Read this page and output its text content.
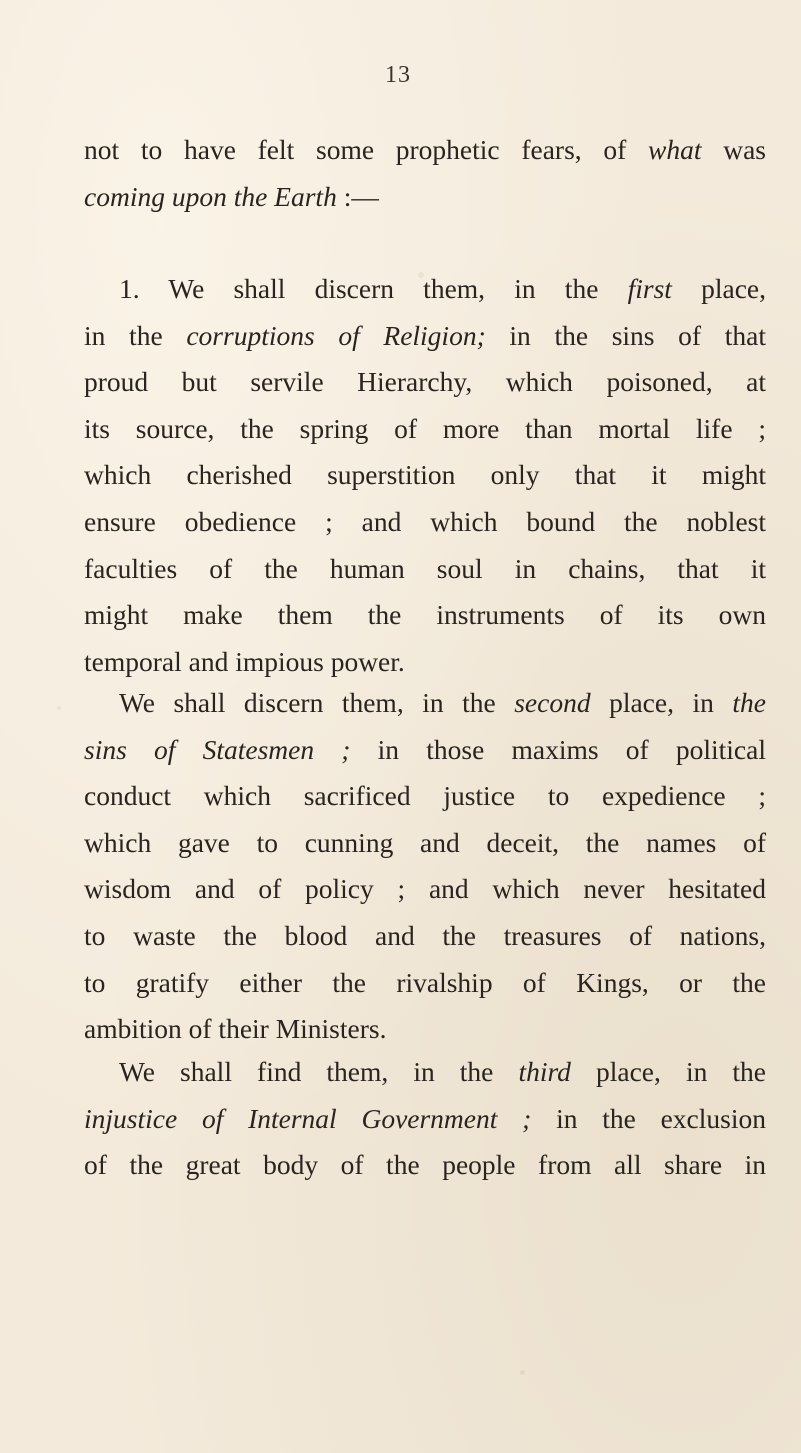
13
not to have felt some prophetic fears, of what was
coming upon the Earth :—
1. We shall discern them, in the first place,
in the corruptions of Religion; in the sins of that
proud but servile Hierarchy, which poisoned, at
its source, the spring of more than mortal life ;
which cherished superstition only that it might
ensure obedience ; and which bound the noblest
faculties of the human soul in chains, that it
might make them the instruments of its own
temporal and impious power.
We shall discern them, in the second place, in the
sins of Statesmen ; in those maxims of political
conduct which sacrificed justice to expedience ;
which gave to cunning and deceit, the names of
wisdom and of policy ; and which never hesitated
to waste the blood and the treasures of nations,
to gratify either the rivalship of Kings, or the
ambition of their Ministers.
We shall find them, in the third place, in the
injustice of Internal Government ; in the exclusion
of the great body of the people from all share in
